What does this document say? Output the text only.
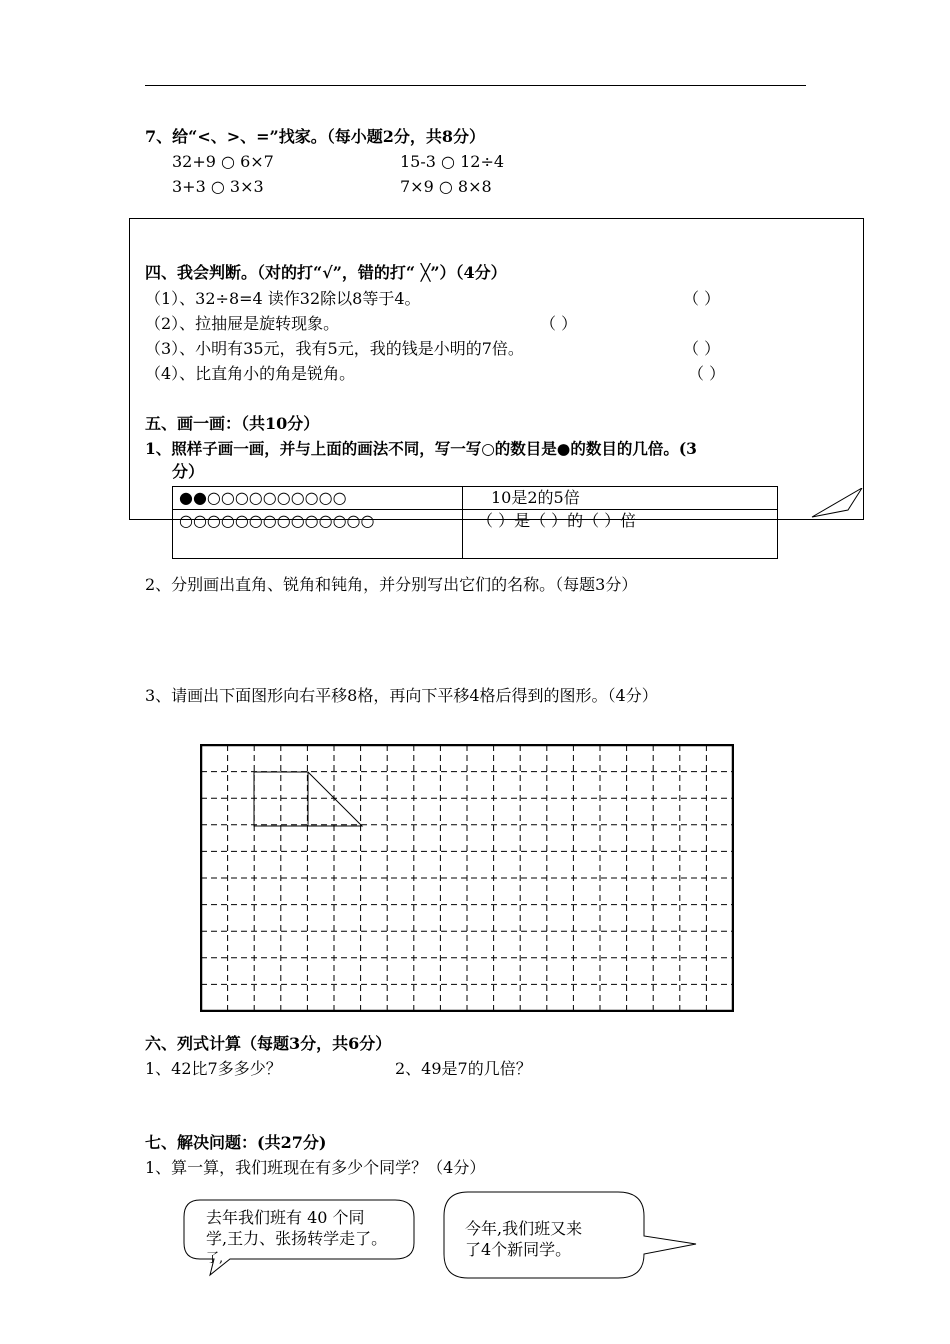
7、给“<、>、=”找家。（每小题2分，共8分）
32+9 ○ 6×7	15-3 ○ 12÷4
3+3 ○ 3×3	7×9 ○ 8×8
四、我会判断。（对的打“√”，错的打“ ╳”）（4分）
（1）、32÷8=4 读作32除以8等于4。	（ ）
（2）、拉抽屉是旋转现象。	（ ）
（3）、小明有35元，我有5元，我的钱是小明的7倍。	（ ）
（4）、比直角小的角是锐角。	（ ）
五、画一画：（共10分）
1、照样子画一画，并与上面的画法不同，写一写○的数目是●的数目的几倍。(3
分）
●●○○○○○○○○○○	10是2的5倍
○○○○○○○○○○○○○○	（ ）是（ ）的（ ）倍
2、分别画出直角、锐角和钝角，并分别写出它们的名称。（每题3分）
3、请画出下面图形向右平移8格，再向下平移4格后得到的图形。（4分）
六、列式计算（每题3分，共6分）
1、42比7多多少？	2、49是7的几倍？
七、解决问题：(共27分)
1、算一算，我们班现在有多少个同学？（4分）
去年我们班有 40 个同
学,王力、张扬转学走了。
了,
今年,我们班又来
了4个新同学。
